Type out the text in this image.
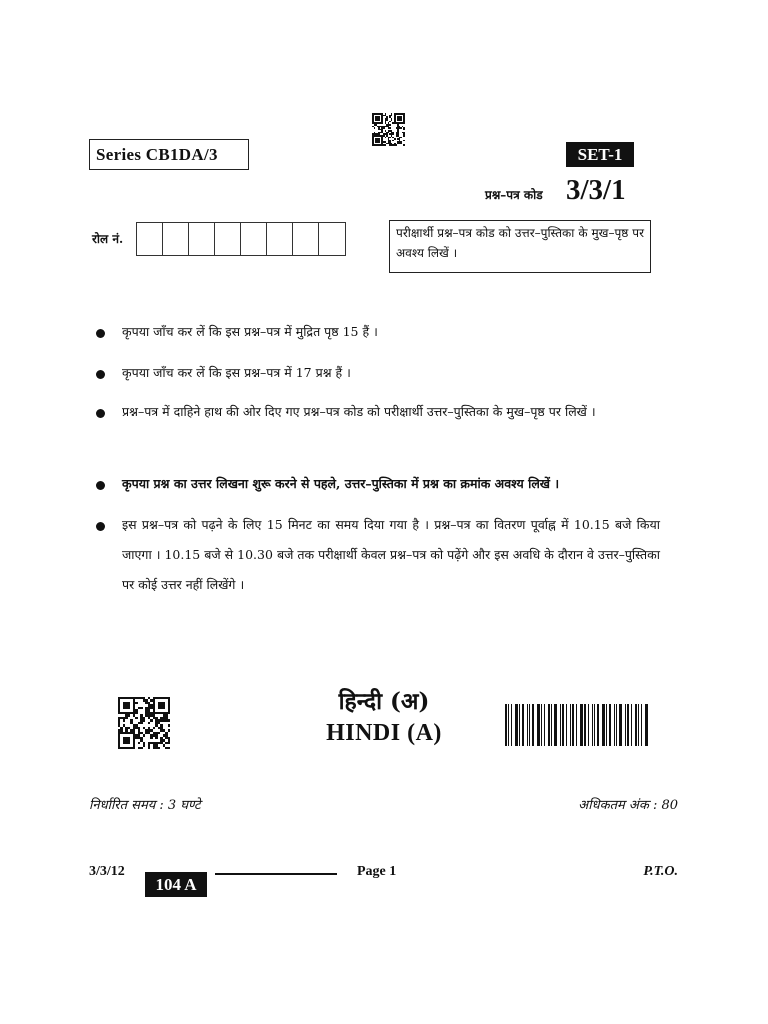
Series CB1DA/3	SET-1
प्रश्न–पत्र कोड 3/3/1
रोल नं.	परीक्षार्थी प्रश्न–पत्र कोड को उत्तर–पुस्तिका के मुख–पृष्ठ पर अवश्य लिखें ।
कृपया जाँच कर लें कि इस प्रश्न–पत्र में मुद्रित पृष्ठ 15 हैं ।
कृपया जाँच कर लें कि इस प्रश्न–पत्र में 17 प्रश्न हैं ।
प्रश्न–पत्र में दाहिने हाथ की ओर दिए गए प्रश्न–पत्र कोड को परीक्षार्थी उत्तर–पुस्तिका के मुख–पृष्ठ पर लिखें ।
कृपया प्रश्न का उत्तर लिखना शुरू करने से पहले, उत्तर–पुस्तिका में प्रश्न का क्रमांक अवश्य लिखें ।
इस प्रश्न–पत्र को पढ़ने के लिए 15 मिनट का समय दिया गया है । प्रश्न–पत्र का वितरण पूर्वाह्न में 10.15 बजे किया जाएगा । 10.15 बजे से 10.30 बजे तक परीक्षार्थी केवल प्रश्न–पत्र को पढ़ेंगे और इस अवधि के दौरान वे उत्तर–पुस्तिका पर कोई उत्तर नहीं लिखेंगे ।
हिन्दी (अ)
HINDI (A)
निर्धारित समय : 3 घण्टे	अधिकतम अंक : 80
3/3/12
104 A
Page 1	P.T.O.
